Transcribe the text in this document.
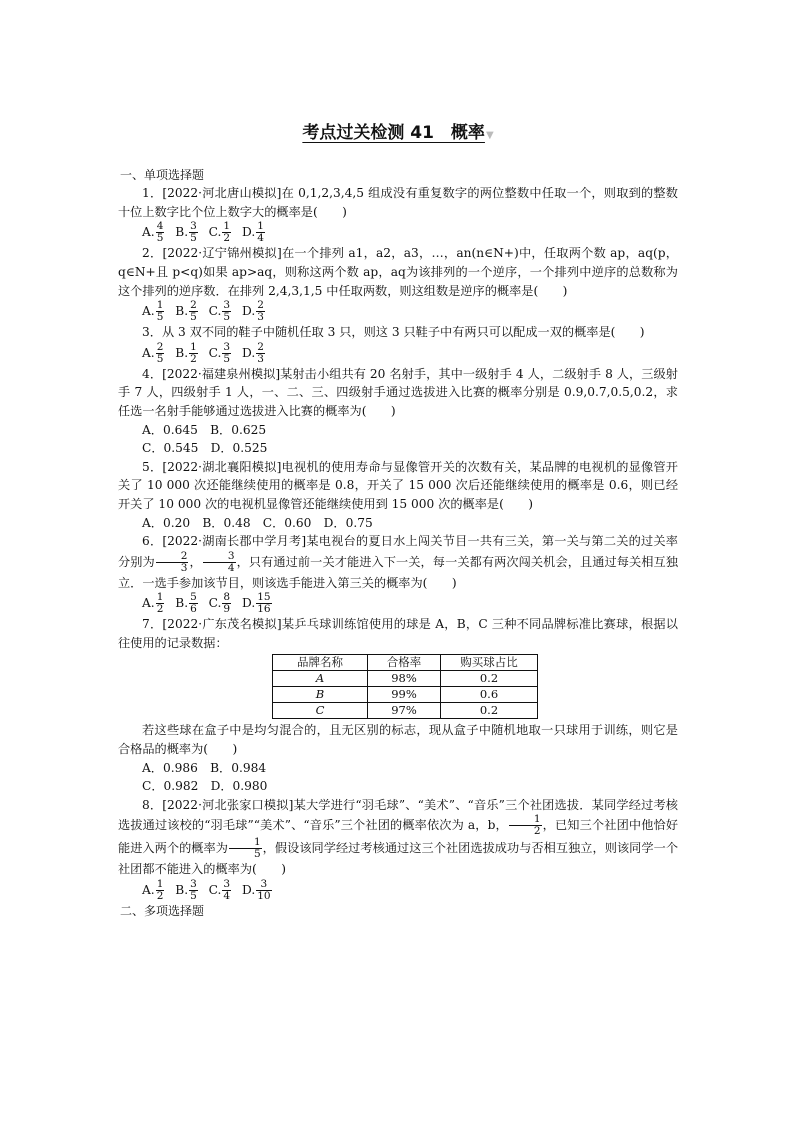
考点过关检测 41　概率▼
一、单项选择题

1．[2022·河北唐山模拟]在 0,1,2,3,4,5 组成没有重复数字的两位整数中任取一个，则取到的整数十位上数字比个位上数字大的概率是(　　)

A. $\frac{4}{5} B$. $\frac{3}{5} C$. $\frac{1}{2} D$. $\frac{1}{4}$

2．[2022·辽宁锦州模拟]在一个排列 a1，a2，a3，…，an(n∈N+)中，任取两个数 ap，aq(p，q∈N+且 p<q)如果 ap>aq，则称这两个数 ap，aq为该排列的一个逆序，一个排列中逆序的总数称为这个排列的逆序数．在排列 2,4,3,1,5 中任取两数，则这组数是逆序的概率是(　　)

A. $\frac{1}{5} B$. $\frac{2}{5} C$. $\frac{3}{5} D$. $\frac{2}{3}$

3．从 3 双不同的鞋子中随机任取 3 只，则这 3 只鞋子中有两只可以配成一双的概率是(　　)

A. $\frac{2}{5} B$. $\frac{1}{2} C$. $\frac{3}{5} D$. $\frac{2}{3}$

4．[2022·福建泉州模拟]某射击小组共有 20 名射手，其中一级射手 4 人，二级射手 8 人，三级射手 7 人，四级射手 1 人，一、二、三、四级射手通过选拔进入比赛的概率分别是 0.9,0.7,0.5,0.2，求任选一名射手能够通过选拔进入比赛的概率为(　　)

A．0.645　B．0.625
C．0.545　D．0.525

5．[2022·湖北襄阳模拟]电视机的使用寿命与显像管开关的次数有关，某品牌的电视机的显像管开关了 10 000 次还能继续使用的概率是 0.8，开关了 15 000 次后还能继续使用的概率是 0.6，则已经开关了 10 000 次的电视机显像管还能继续使用到 15 000 次的概率是(　　)

A．0.20　B．0.48　C．0.60　D．0.75

6．[2022·湖南长郡中学月考]某电视台的夏日水上闯关节目一共有三关，第一关与第二关的过关率分别为 $\frac{2}{3}$ ， $\frac{3}{4}$ ，只有通过前一关才能进入下一关，每一关都有两次闯关机会，且通过每关相互独立．一选手参加该节目，则该选手能进入第三关的概率为(　　)

A. $\frac{1}{2} B$. $\frac{5}{6} C$. $\frac{8}{9} D$. $\frac{15}{16}$

7．[2022·广东茂名模拟]某乒乓球训练馆使用的球是 A，B，C 三种不同品牌标准比赛球，根据以往使用的记录数据：

品牌名称	合格率	购买球占比
A	98%	0.2
B	99%	0.6
C	97%	0.2

若这些球在盒子中是均匀混合的，且无区别的标志，现从盒子中随机地取一只球用于训练，则它是合格品的概率为(　　)

A．0.986　B．0.984
C．0.982　D．0.980

8．[2022·河北张家口模拟]某大学进行“羽毛球”、“美术”、“音乐”三个社团选拔．某同学经过考核选拔通过该校的“羽毛球”“美术”、“音乐”三个社团的概率依次为 a，b， $\frac{1}{2}$ ，已知三个社团中他恰好能进入两个的概率为 $\frac{1}{5}$ ，假设该同学经过考核通过这三个社团选拔成功与否相互独立，则该同学一个社团都不能进入的概率为(　　)

A. $\frac{1}{2} B$. $\frac{3}{5} C$. $\frac{3}{4} D$. $\frac{3}{10}$
二、多项选择题
